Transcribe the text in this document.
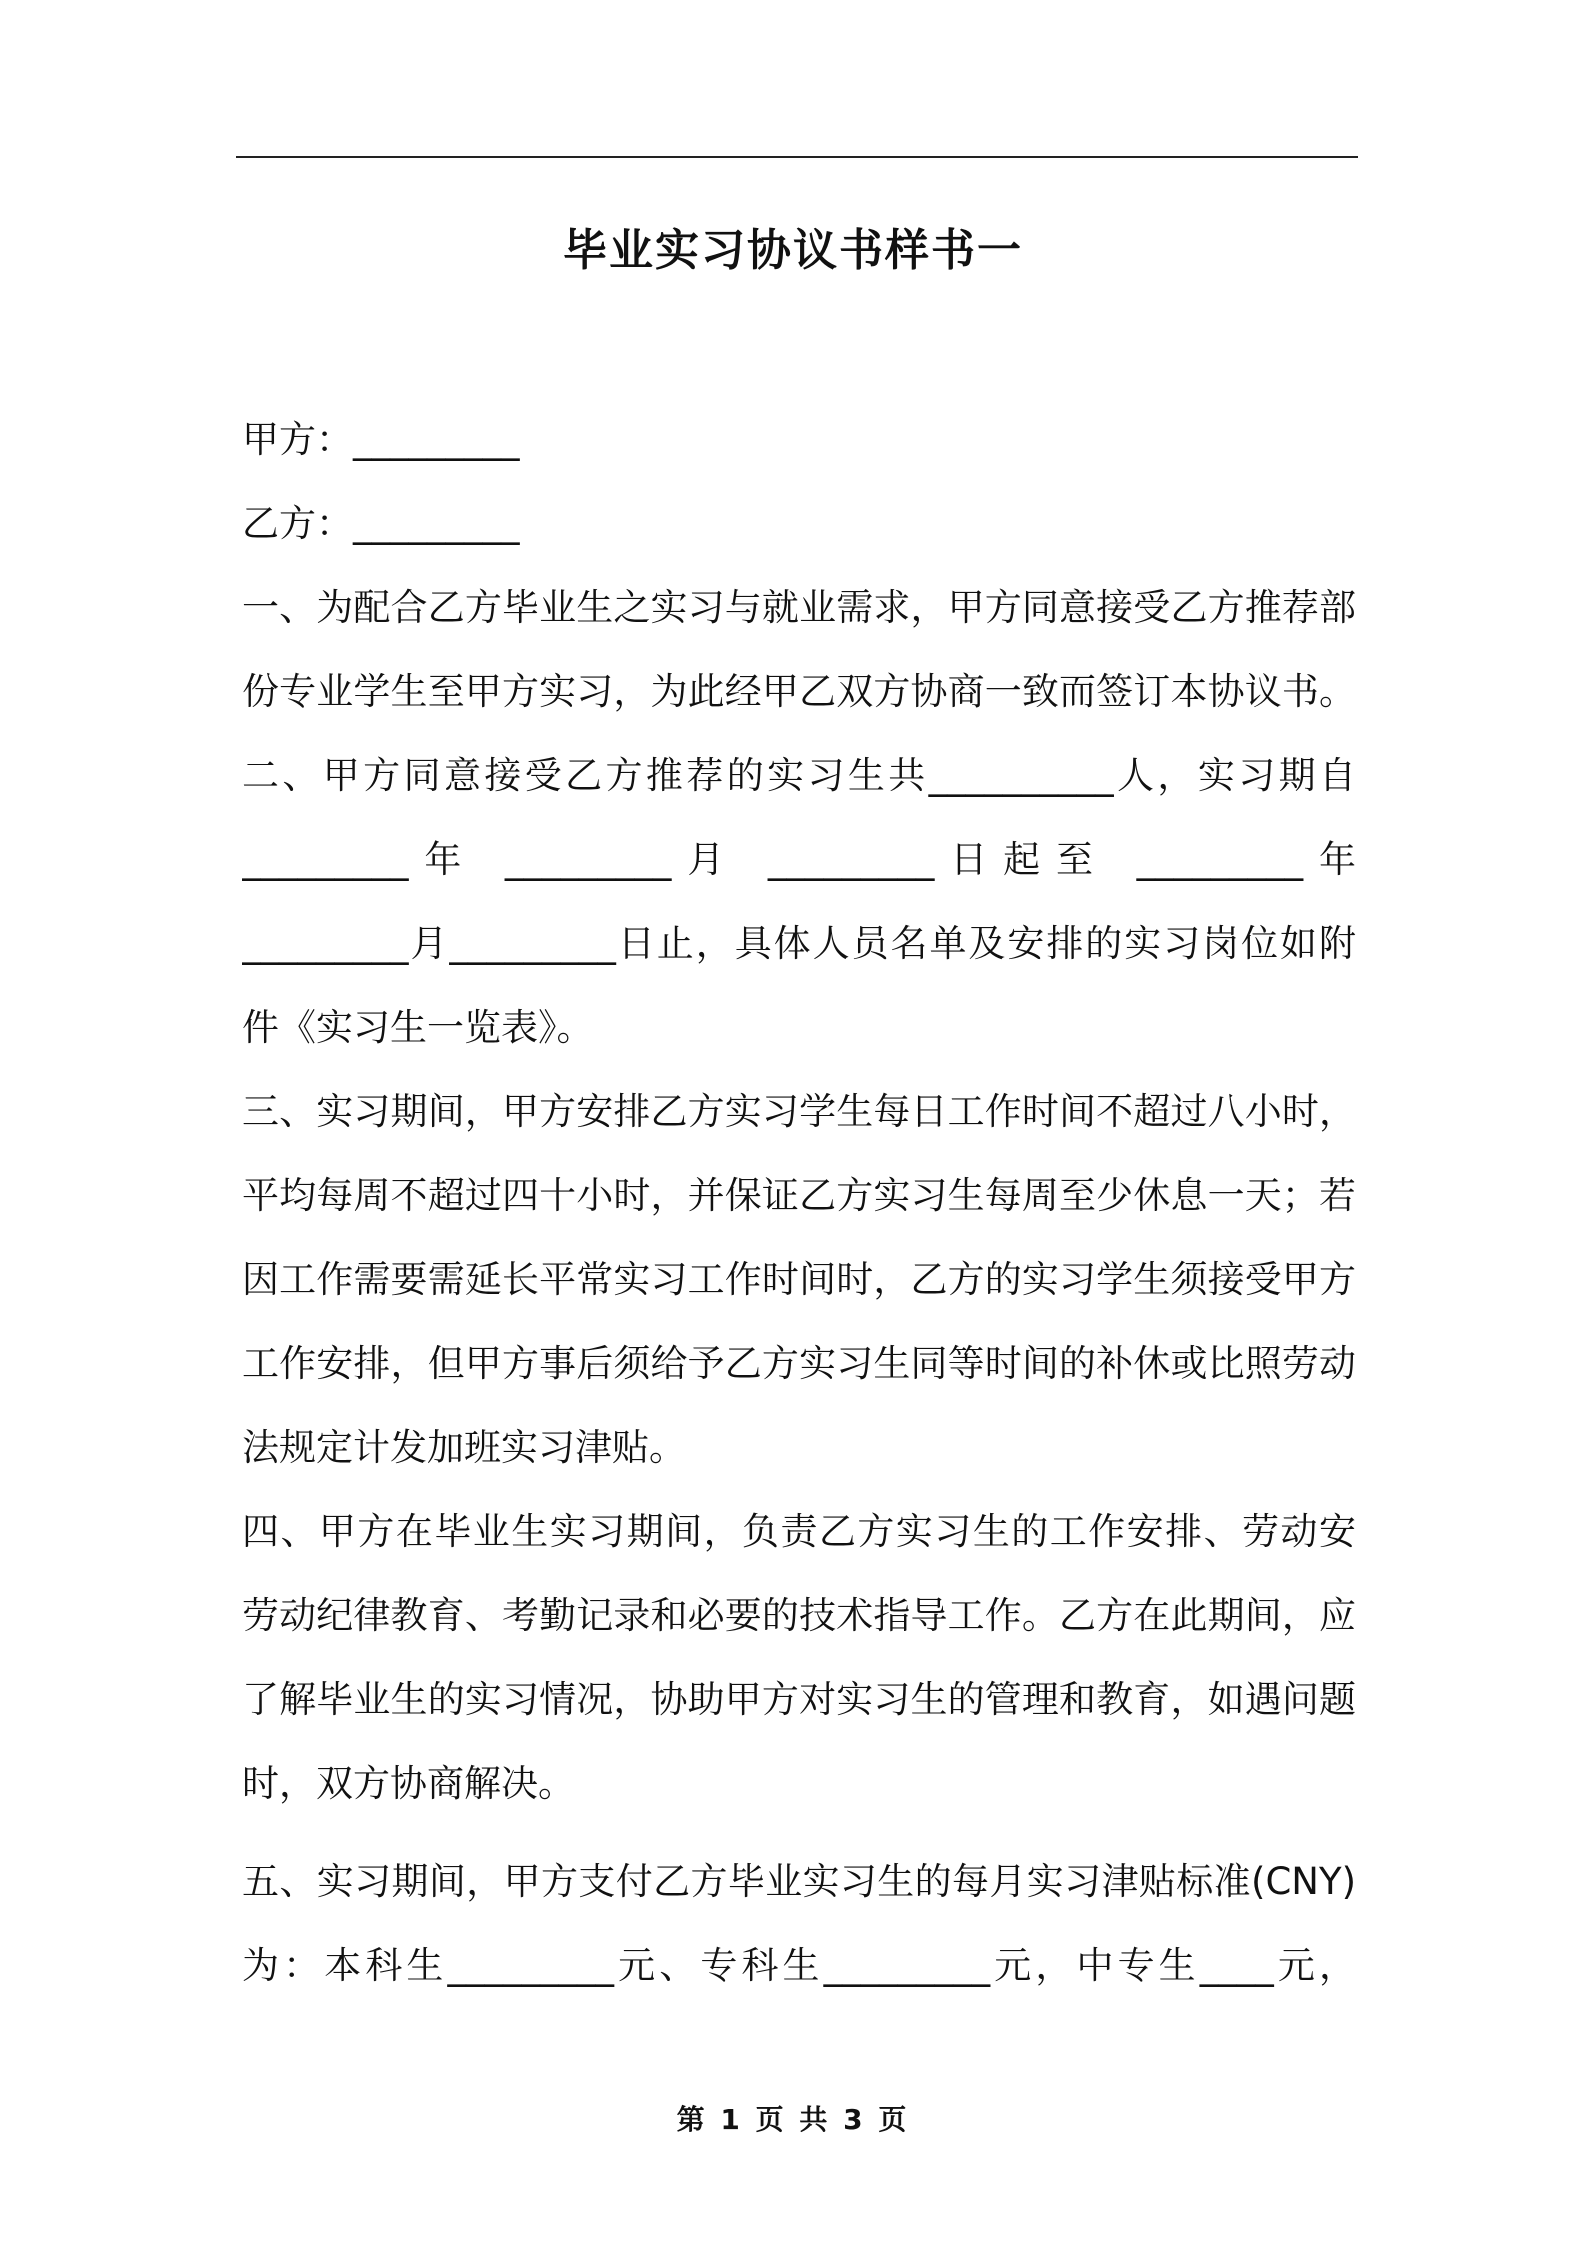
毕业实习协议书样书一
甲方：_________
乙方：_________
一、为配合乙方毕业生之实习与就业需求，甲方同意接受乙方推荐部
份专业学生至甲方实习，为此经甲乙双方协商一致而签订本协议书。
二、甲方同意接受乙方推荐的实习生共__________人，实习期自
_________年 _________月 _________日起至 _________年
_________月_________日止，具体人员名单及安排的实习岗位如附
件《实习生一览表》。
三、实习期间，甲方安排乙方实习学生每日工作时间不超过八小时，
平均每周不超过四十小时，并保证乙方实习生每周至少休息一天；若
因工作需要需延长平常实习工作时间时，乙方的实习学生须接受甲方
工作安排，但甲方事后须给予乙方实习生同等时间的补休或比照劳动
法规定计发加班实习津贴。
四、甲方在毕业生实习期间，负责乙方实习生的工作安排、劳动安
劳动纪律教育、考勤记录和必要的技术指导工作。乙方在此期间，应
了解毕业生的实习情况，协助甲方对实习生的管理和教育，如遇问题
时，双方协商解决。
五、实习期间，甲方支付乙方毕业实习生的每月实习津贴标准(CNY)
为：本科生_________元、专科生_________元，中专生____元，
第 1 页 共 3 页
